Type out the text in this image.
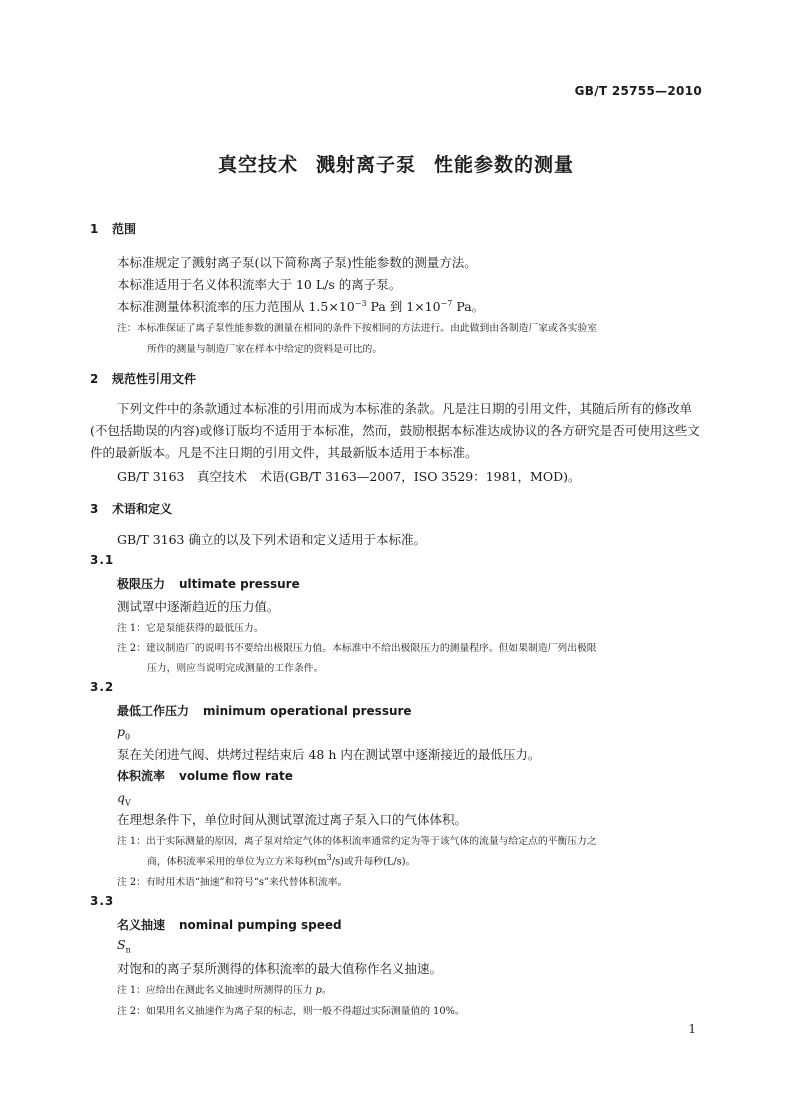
GB/T 25755—2010
真空技术 溅射离子泵 性能参数的测量
1 范围
本标准规定了溅射离子泵(以下简称离子泵)性能参数的测量方法。
本标准适用于名义体积流率大于 10 L/s 的离子泵。
本标准测量体积流率的压力范围从 $1.5\times 10^{-3}$ Pa 到 $1\times 10^{-7}$ Pa。
注：本标准保证了离子泵性能参数的测量在相同的条件下按相同的方法进行。由此做到由各制造厂家或各实验室
所作的测量与制造厂家在样本中给定的资料是可比的。
2 规范性引用文件
下列文件中的条款通过本标准的引用而成为本标准的条款。凡是注日期的引用文件，其随后所有的修改单(不包括勘误的内容)或修订版均不适用于本标准，然而，鼓励根据本标准达成协议的各方研究是否可使用这些文件的最新版本。凡是不注日期的引用文件，其最新版本适用于本标准。
GB/T 3163　真空技术　术语(GB/T 3163—2007，ISO 3529：1981，MOD)。
3 术语和定义
GB/T 3163 确立的以及下列术语和定义适用于本标准。
3.1
极限压力 ultimate pressure
测试罩中逐渐趋近的压力值。
注 1：它是泵能获得的最低压力。
注 2：建议制造厂的说明书不要给出极限压力值。本标准中不给出极限压力的测量程序。但如果制造厂列出极限
压力，则应当说明完成测量的工作条件。
3.2
最低工作压力 minimum operational pressure
$p_0$
泵在关闭进气阀、烘烤过程结束后 48 h 内在测试罩中逐渐接近的最低压力。
体积流率 volume flow rate
$q_V$
在理想条件下，单位时间从测试罩流过离子泵入口的气体体积。
注 1：出于实际测量的原因，离子泵对给定气体的体积流率通常约定为等于该气体的流量与给定点的平衡压力之
商，体积流率采用的单位为立方米每秒$(m^3/s)$或升每秒(L/s)。
注 2：有时用术语“抽速”和符号“s”来代替体积流率。
3.3
名义抽速 nominal pumping speed
$S_n$
对饱和的离子泵所测得的体积流率的最大值称作名义抽速。
注 1：应给出在测此名义抽速时所测得的压力 p。
注 2：如果用名义抽速作为离子泵的标志，则一般不得超过实际测量值的 10%。
1
